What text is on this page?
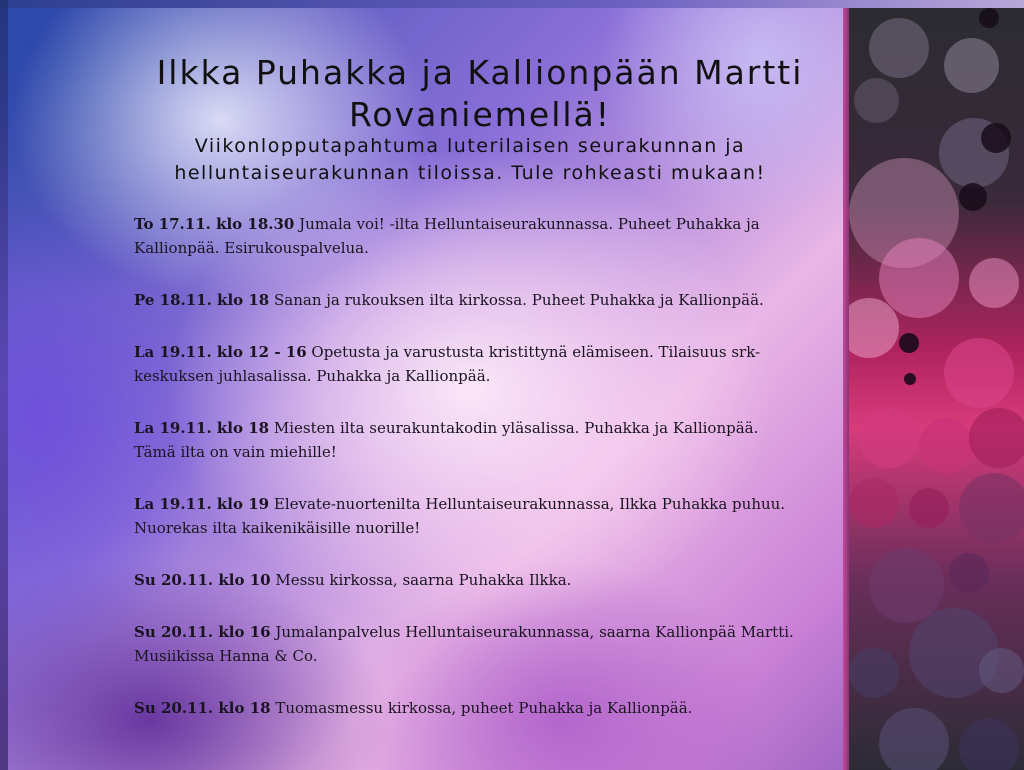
Ilkka Puhakka ja Kallionpään Martti Rovaniemellä!

Viikonlopputapahtuma luterilaisen seurakunnan ja helluntaiseurakunnan tiloissa. Tule rohkeasti mukaan!

To 17.11. klo 18.30 Jumala voi! -ilta Helluntaiseurakunnassa. Puheet Puhakka ja Kallionpää. Esirukouspalvelua.

Pe 18.11. klo 18 Sanan ja rukouksen ilta kirkossa. Puheet Puhakka ja Kallionpää.

La 19.11. klo 12 - 16 Opetusta ja varustusta kristittynä elämiseen. Tilaisuus srk-keskuksen juhlasalissa. Puhakka ja Kallionpää.

La 19.11. klo 18 Miesten ilta seurakuntakodin yläsalissa. Puhakka ja Kallionpää. Tämä ilta on vain miehille!

La 19.11. klo 19 Elevate-nuortenilta Helluntaiseurakunnassa, Ilkka Puhakka puhuu. Nuorekas ilta kaikenikäisille nuorille!

Su 20.11. klo 10 Messu kirkossa, saarna Puhakka Ilkka.

Su 20.11. klo 16 Jumalanpalvelus Helluntaiseurakunnassa, saarna Kallionpää Martti. Musiikissa Hanna & Co.

Su 20.11. klo 18 Tuomasmessu kirkossa, puheet Puhakka ja Kallionpää.
